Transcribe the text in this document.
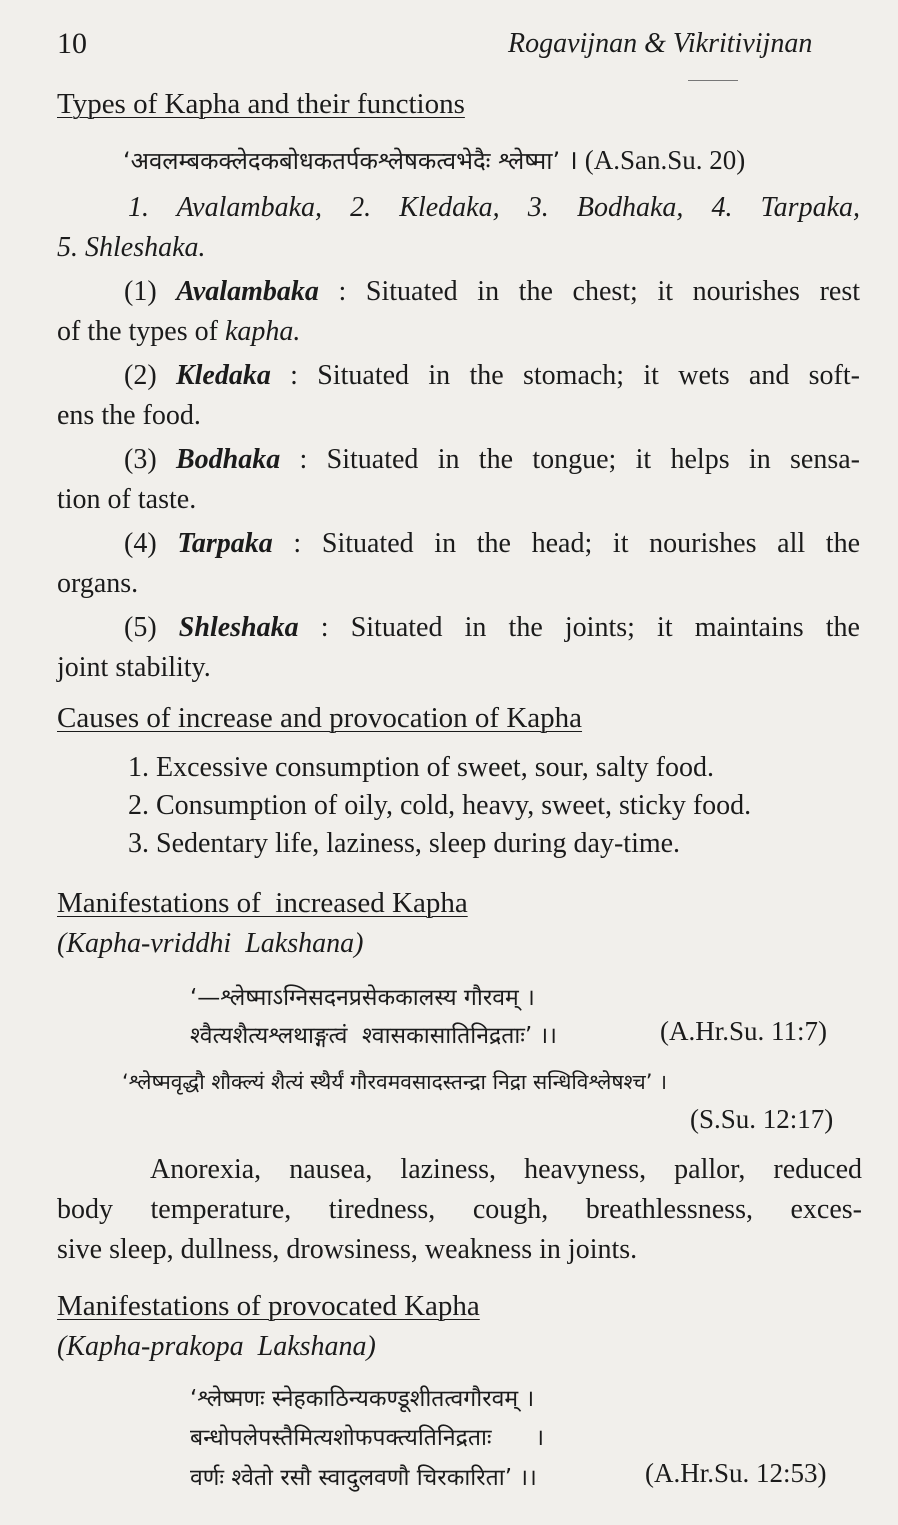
10	Rogavijnan & Vikritivijnan
Types of Kapha and their functions
‘अवलम्बकक्लेदकबोधकतर्पकश्लेषकत्वभेदैः श्लेष्मा’ । (A.San.Su. 20)
1. Avalambaka, 2. Kledaka, 3. Bodhaka, 4. Tarpaka,
5. Shleshaka.
(1) Avalambaka : Situated in the chest; it nourishes rest
of the types of kapha.
(2) Kledaka : Situated in the stomach; it wets and soft-
ens the food.
(3) Bodhaka : Situated in the tongue; it helps in sensa-
tion of taste.
(4) Tarpaka : Situated in the head; it nourishes all the
organs.
(5) Shleshaka : Situated in the joints; it maintains the
joint stability.
Causes of increase and provocation of Kapha
1. Excessive consumption of sweet, sour, salty food.
2. Consumption of oily, cold, heavy, sweet, sticky food.
3. Sedentary life, laziness, sleep during day-time.
Manifestations of  increased Kapha
(Kapha-vriddhi  Lakshana)
‘—श्लेष्माऽग्निसदनप्रसेककालस्य गौरवम् ।
श्वैत्यशैत्यश्लथाङ्गत्वं  श्वासकासातिनिद्रताः’ ।।	(A.Hr.Su. 11:7)
‘श्लेष्मवृद्धौ शौक्ल्यं शैत्यं स्थैर्यं गौरवमवसादस्तन्द्रा निद्रा सन्धिविश्लेषश्च’ ।
(S.Su. 12:17)
Anorexia, nausea, laziness, heavyness, pallor, reduced
body temperature, tiredness, cough, breathlessness, exces-
sive sleep, dullness, drowsiness, weakness in joints.
Manifestations of provocated Kapha
(Kapha-prakopa  Lakshana)
‘श्लेष्मणः स्नेहकाठिन्यकण्डूशीतत्वगौरवम् ।
बन्धोपलेपस्तैमित्यशोफपक्त्यतिनिद्रताः      ।
वर्णः श्वेतो रसौ स्वादुलवणौ चिरकारिता’ ।।	(A.Hr.Su. 12:53)
